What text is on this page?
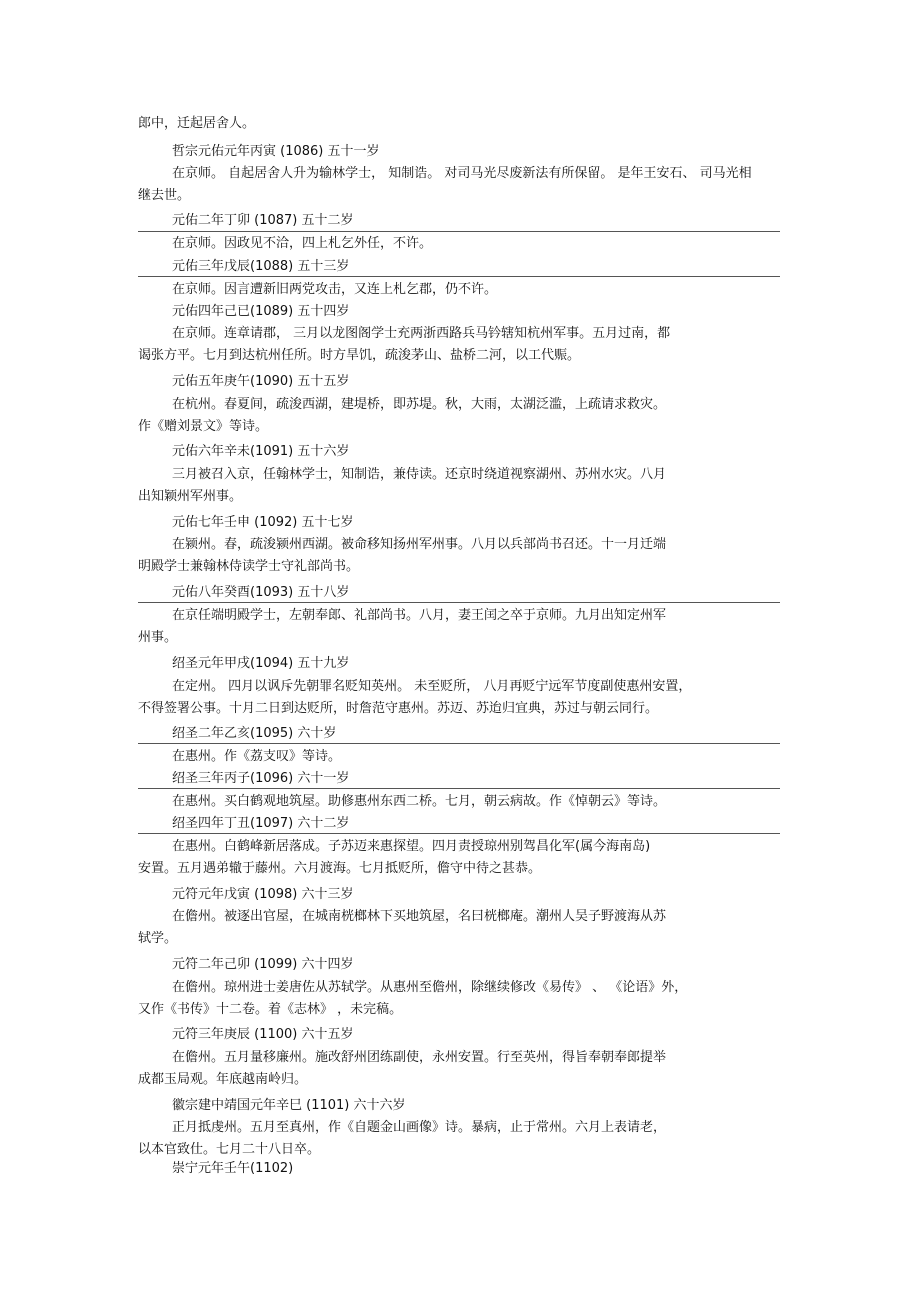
郎中，迁起居舍人。
哲宗元佑元年丙寅 (1086) 五十一岁
在京师。 自起居舍人升为输林学士， 知制诰。 对司马光尽废新法有所保留。 是年王安石、 司马光相
继去世。
元佑二年丁卯 (1087) 五十二岁
在京师。因政见不洽，四上札乞外任，不许。
元佑三年戊辰(1088) 五十三岁
在京师。因言遭新旧两党攻击，又连上札乞郡，仍不许。
元佑四年己已(1089) 五十四岁
在京师。连章请郡， 三月以龙图阁学士充两浙西路兵马钤辖知杭州军事。五月过南，都
谒张方平。七月到达杭州任所。时方旱饥，疏浚茅山、盐桥二河，以工代赈。
元佑五年庚午(1090) 五十五岁
在杭州。春夏间，疏浚西湖，建堤桥，即苏堤。秋，大雨，太湖泛滥，上疏请求救灾。
作《赠刘景文》等诗。
元佑六年辛未(1091) 五十六岁
三月被召入京，任翰林学士，知制诰，兼侍读。还京时绕道视察湖州、苏州水灾。八月
出知颖州军州事。
元佑七年壬申 (1092) 五十七岁
在颍州。春，疏浚颍州西湖。被命移知扬州军州事。八月以兵部尚书召还。十一月迁端
明殿学士兼翰林侍读学士守礼部尚书。
元佑八年癸酉(1093) 五十八岁
在京任端明殿学士，左朝奉郎、礼部尚书。八月，妻王闰之卒于京师。九月出知定州军
州事。
绍圣元年甲戌(1094) 五十九岁
在定州。 四月以讽斥先朝罪名贬知英州。 未至贬所， 八月再贬宁远军节度副使惠州安置，
不得签署公事。十月二日到达贬所，时詹范守惠州。苏迈、苏迨归宜典，苏过与朝云同行。
绍圣二年乙亥(1095) 六十岁
在惠州。作《荔支叹》等诗。
绍圣三年丙子(1096) 六十一岁
在惠州。买白鹤观地筑屋。助修惠州东西二桥。七月，朝云病故。作《悼朝云》等诗。
绍圣四年丁丑(1097) 六十二岁
在惠州。白鹤峰新居落成。子苏迈来惠探望。四月责授琼州别驾昌化军(属今海南岛)
安置。五月遇弟辙于藤州。六月渡海。七月抵贬所，儋守中待之甚恭。
元符元年戊寅 (1098) 六十三岁
在儋州。被逐出官屋，在城南桄榔林下买地筑屋，名曰桄榔庵。潮州人吴子野渡海从苏
轼学。
元符二年己卯 (1099) 六十四岁
在儋州。琼州进士姜唐佐从苏轼学。从惠州至儋州，除继续修改《易传》 、 《论语》外，
又作《书传》十二卷。着《志林》 ，未完稿。
元符三年庚辰 (1100) 六十五岁
在儋州。五月量移廉州。施改舒州团练副使，永州安置。行至英州，得旨奉朝奉郎提举
成都玉局观。年底越南岭归。
徽宗建中靖国元年辛巳 (1101) 六十六岁
正月抵虔州。五月至真州，作《自题金山画像》诗。暴病，止于常州。六月上表请老，
以本官致仕。七月二十八日卒。
崇宁元年壬午(1102)
